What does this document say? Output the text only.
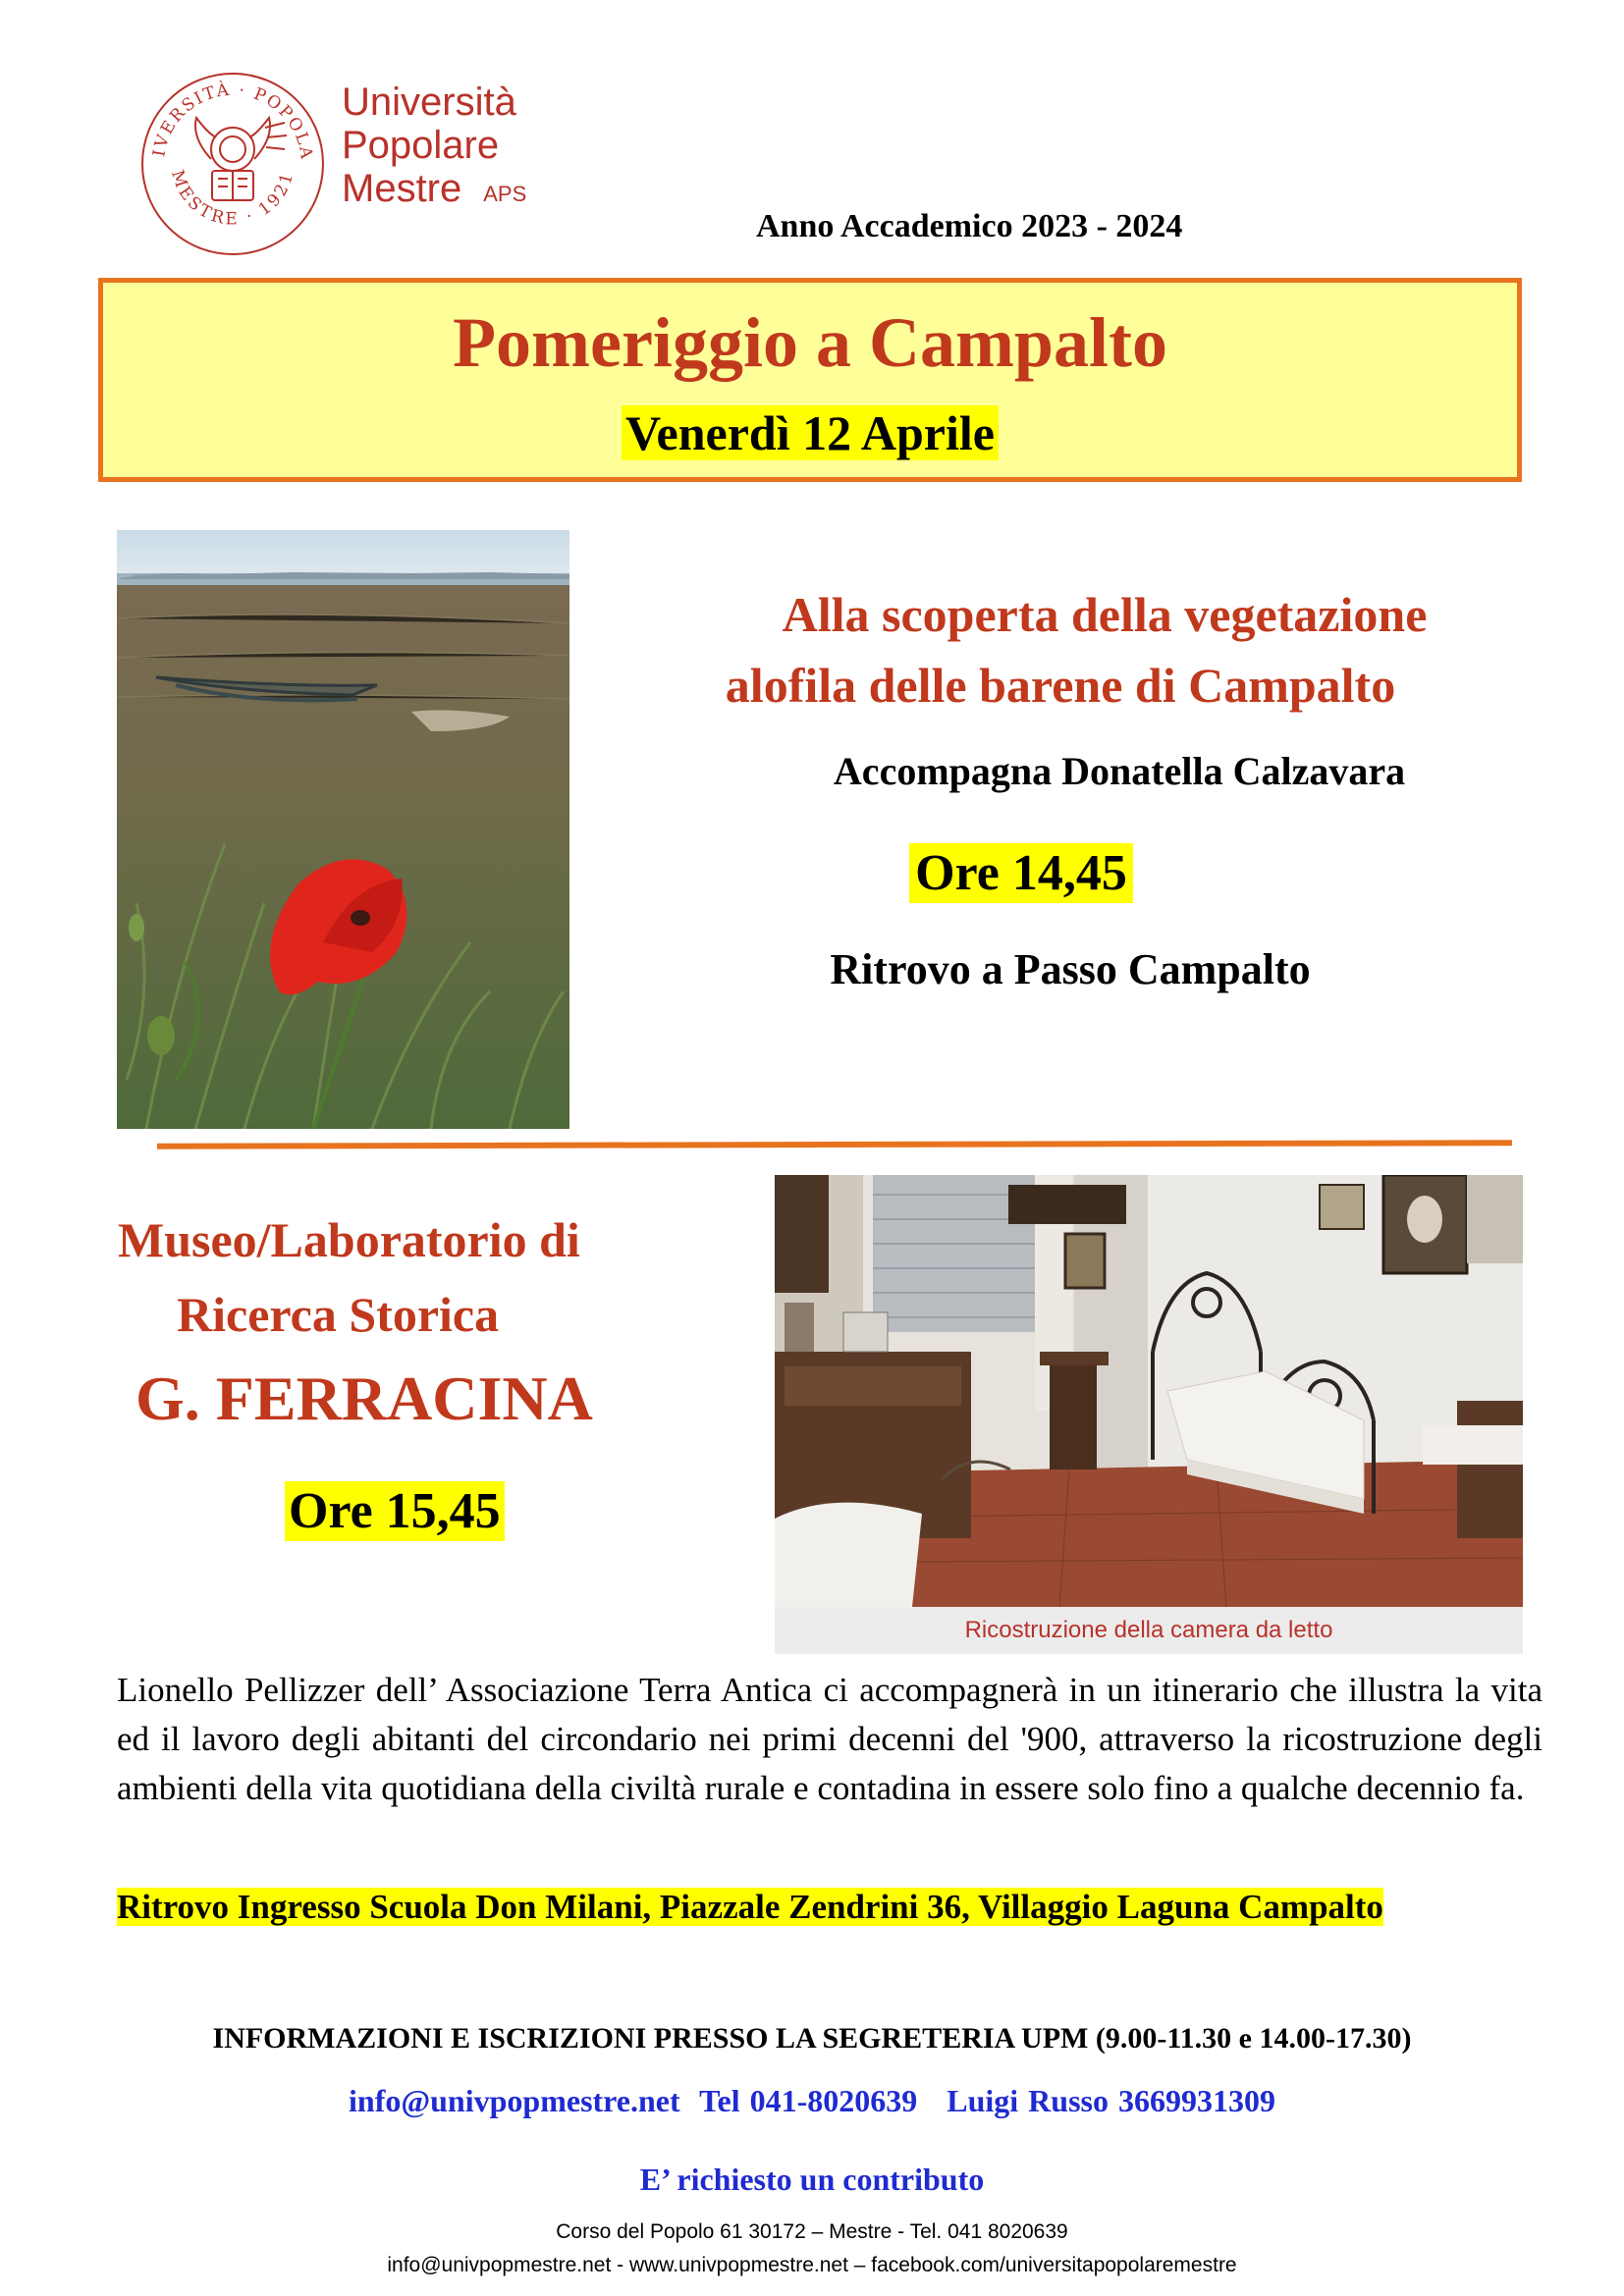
IVERSITÀ · POPOLA
MESTRE · 1921
Università
Popolare
Mestre APS
Anno Accademico 2023 - 2024
Pomeriggio a Campalto
Venerdì 12 Aprile
Alla scoperta della vegetazione
alofila delle barene di Campalto
Accompagna Donatella Calzavara
Ore 14,45
Ritrovo a Passo Campalto
Museo/Laboratorio di
Ricerca Storica
G. FERRACINA
Ore 15,45
Ricostruzione della camera da letto
Lionello Pellizzer dell’ Associazione Terra Antica ci accompagnerà in un itinerario che illustra la vita ed il lavoro degli abitanti del circondario nei primi decenni del '900, attraverso la ricostruzione degli ambienti della vita quotidiana della civiltà rurale e contadina in essere solo fino a qualche decennio fa.
Ritrovo Ingresso Scuola Don Milani, Piazzale Zendrini 36, Villaggio Laguna Campalto
INFORMAZIONI E ISCRIZIONI PRESSO LA SEGRETERIA UPM (9.00-11.30 e 14.00-17.30)
info@univpopmestre.net  Tel 041-8020639   Luigi Russo 3669931309
E’ richiesto un contributo
Corso del Popolo 61 30172 – Mestre - Tel. 041 8020639
info@univpopmestre.net - www.univpopmestre.net – facebook.com/universitapopolaremestre
